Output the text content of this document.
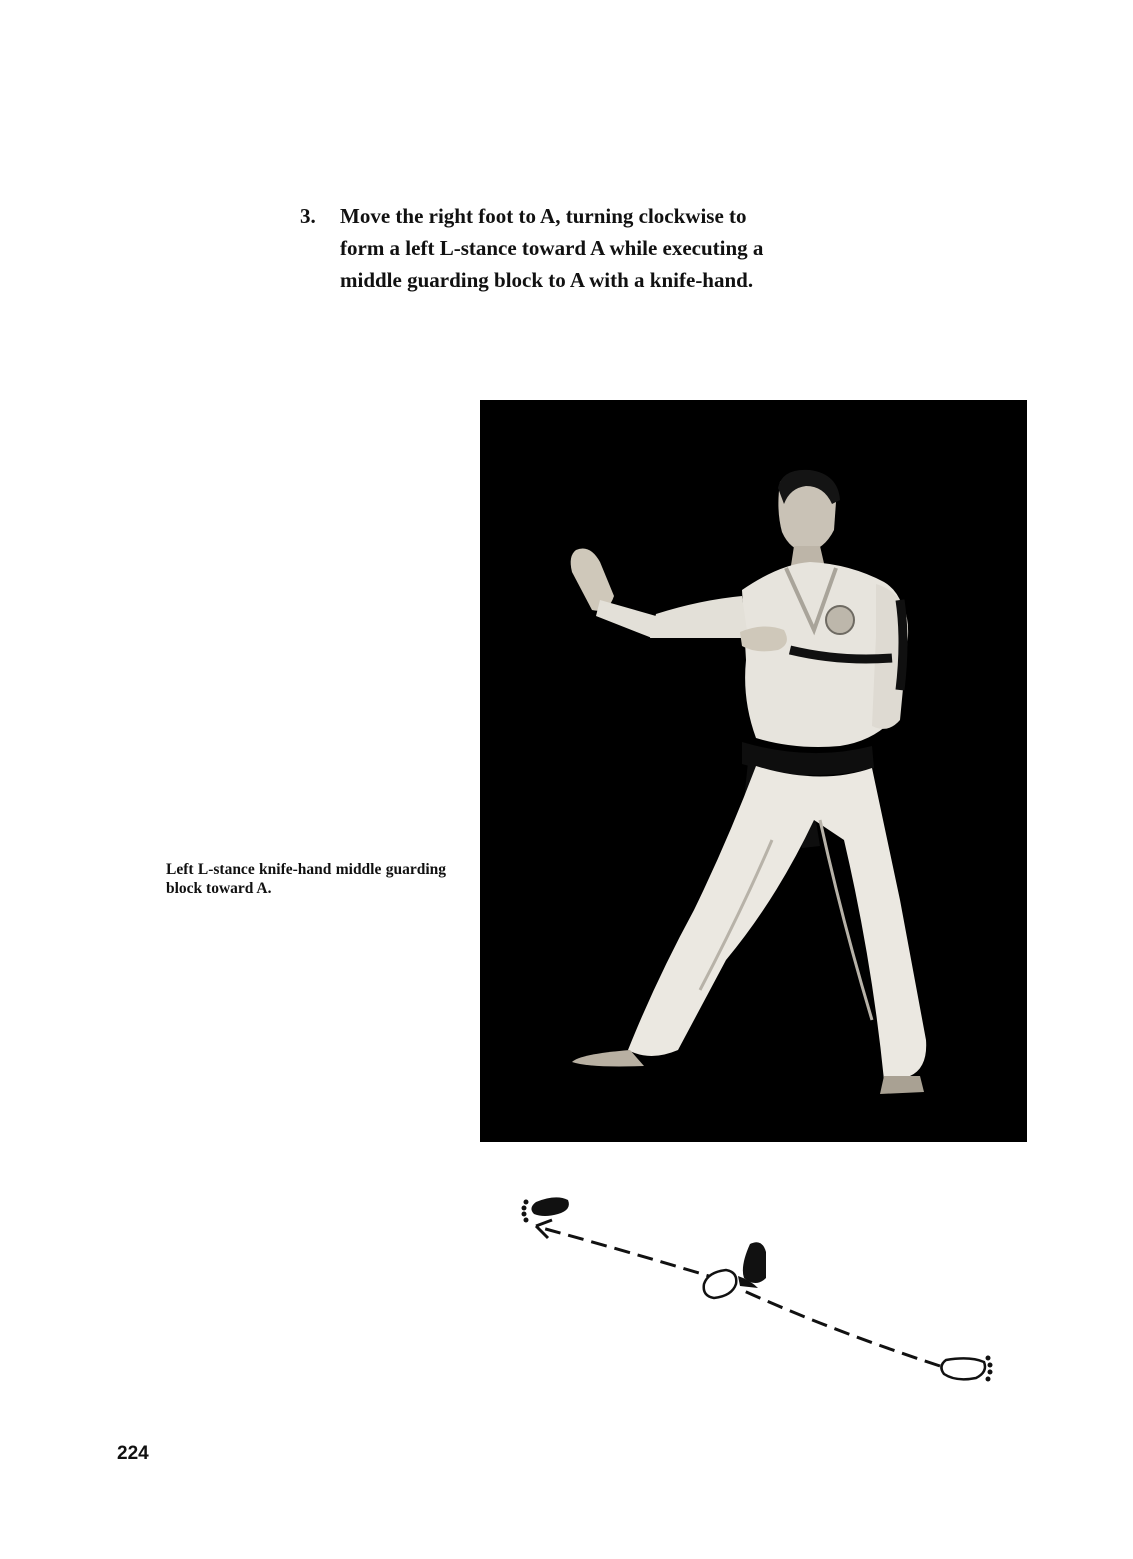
3. Move the right foot to A, turning clockwise to
form a left L-stance toward A while executing a
middle guarding block to A with a knife-hand.
Left L-stance knife-hand middle guarding block toward A.
224
